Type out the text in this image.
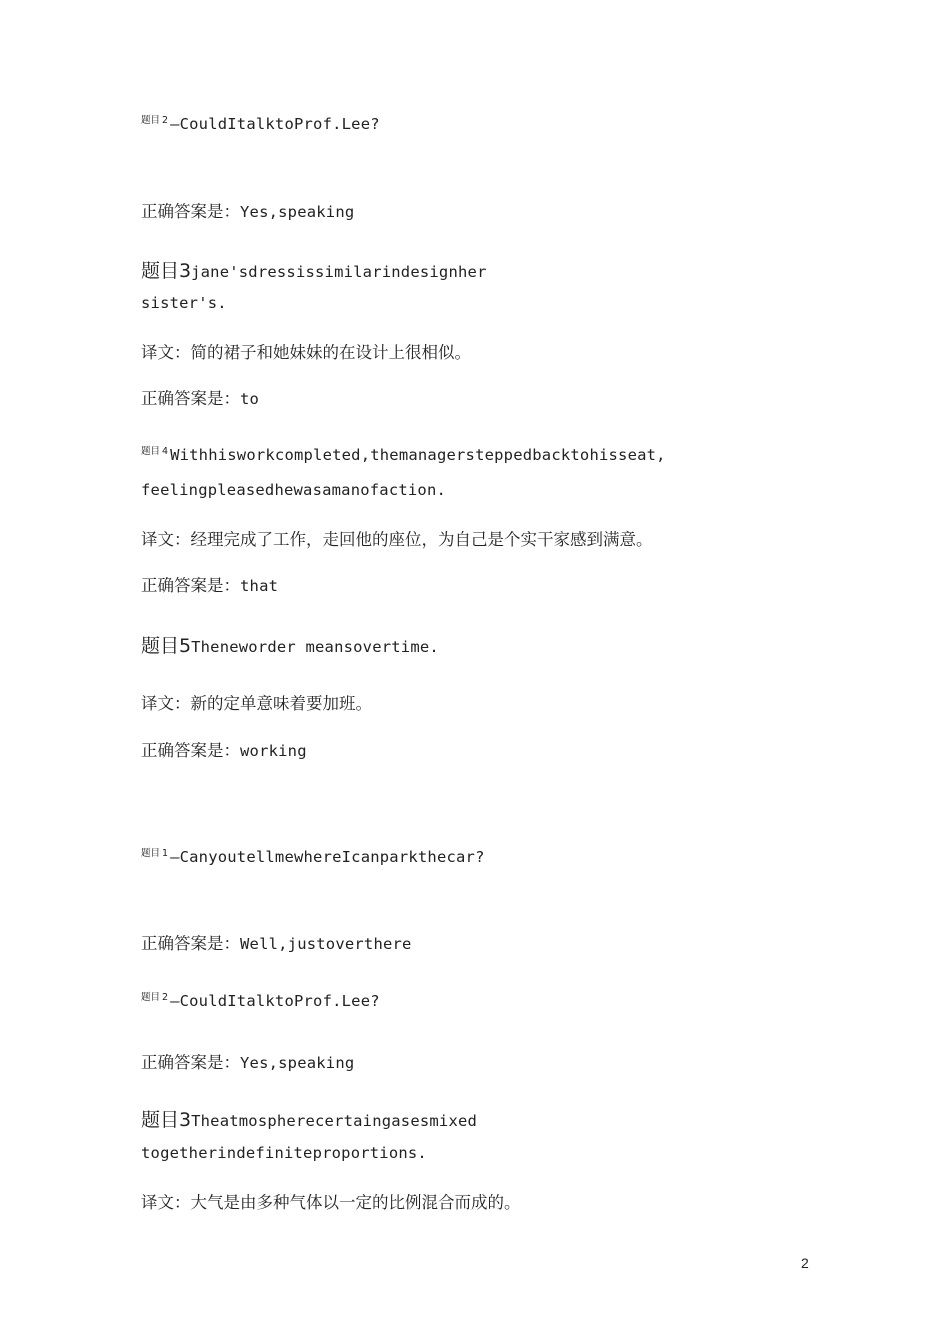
$^{题目}$ $^2$ —CouldItalktoProf.Lee?
正确答案是：Yes,speaking
题目3jane'sdressissimilarindesignher
sister's.
译文：简的裙子和她妹妹的在设计上很相似。
正确答案是：to
$^{题目}$ $^4$ Withhisworkcompleted,themanagersteppedbacktohisseat,
feelingpleasedhewasamanofaction.
译文：经理完成了工作，走回他的座位，为自己是个实干家感到满意。
正确答案是：that
题目5Theneworder meansovertime.
译文：新的定单意味着要加班。
正确答案是：working
$^{题目}$ $^1$ —CanyoutellmewhereIcanparkthecar?
正确答案是：Well,justoverthere
$^{题目}$ $^2$ —CouldItalktoProf.Lee?
正确答案是：Yes,speaking
题目3Theatmospherecertaingasesmixed
togetherindefiniteproportions.
译文：大气是由多种气体以一定的比例混合而成的。
2
